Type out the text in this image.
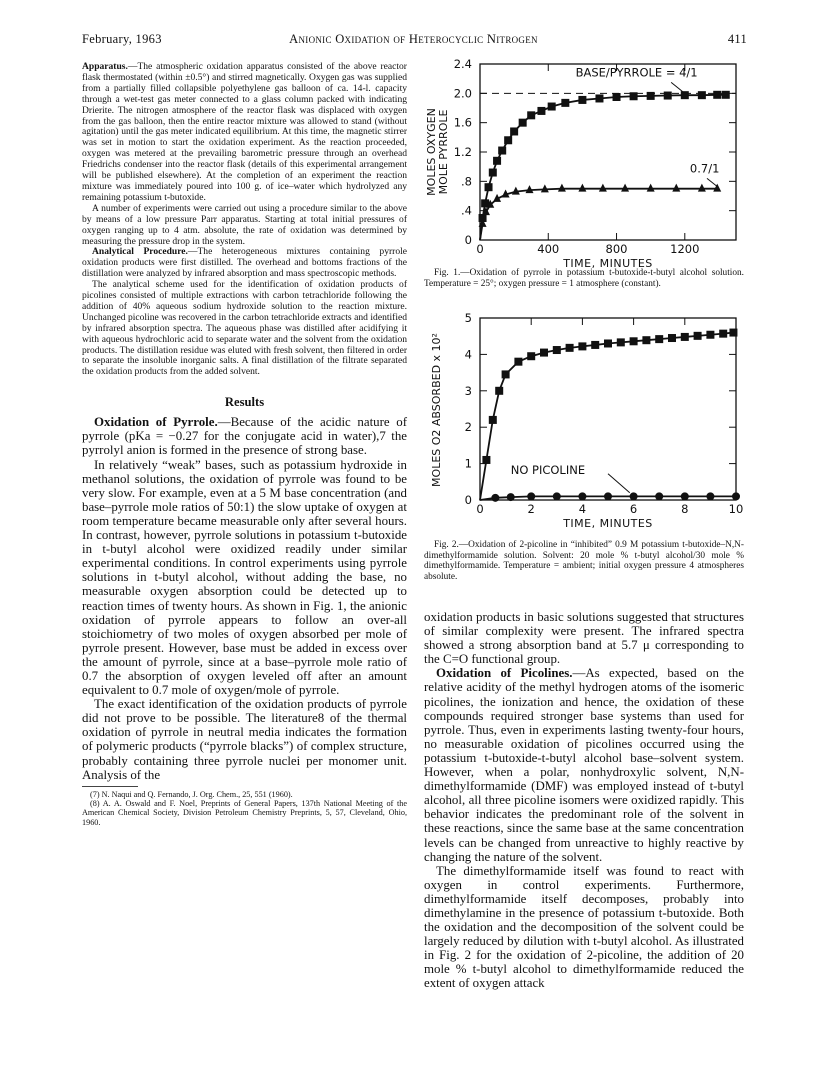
February, 1963	Anionic Oxidation of Heterocyclic Nitrogen	411

Apparatus.—The atmospheric oxidation apparatus consisted of the above reactor flask thermostated (within ±0.5°) and stirred magnetically. Oxygen gas was supplied from a partially filled collapsible polyethylene gas balloon of ca. 14-l. capacity through a wet-test gas meter connected to a glass column packed with indicating Drierite. The nitrogen atmosphere of the reactor flask was displaced with oxygen from the gas balloon, then the entire reactor mixture was allowed to stand (without agitation) until the gas meter indicated equilibrium. At this time, the magnetic stirrer was set in motion to start the oxidation experiment. As the reaction proceeded, oxygen was metered at the prevailing barometric pressure through an overhead Friedrichs condenser into the reactor flask (details of this experimental arrangement will be published elsewhere). At the completion of an experiment the reaction mixture was immediately poured into 100 g. of ice–water which hydrolyzed any remaining potassium t-butoxide.

A number of experiments were carried out using a procedure similar to the above by means of a low pressure Parr apparatus. Starting at total initial pressures of oxygen ranging up to 4 atm. absolute, the rate of oxidation was determined by measuring the pressure drop in the system.

Analytical Procedure.—The heterogeneous mixtures containing pyrrole oxidation products were first distilled. The overhead and bottoms fractions of the distillation were analyzed by infrared absorption and mass spectroscopic methods.

The analytical scheme used for the identification of oxidation products of picolines consisted of multiple extractions with carbon tetrachloride following the addition of 40% aqueous sodium hydroxide solution to the reaction mixture. Unchanged picoline was recovered in the carbon tetrachloride extracts and identified by infrared absorption spectra. The aqueous phase was distilled after acidifying it with aqueous hydrochloric acid to separate water and the solvent from the oxidation products. The distillation residue was eluted with fresh solvent, then filtered in order to separate the insoluble inorganic salts. A final distillation of the filtrate separated the oxidation products from the added solvent.

Results

Oxidation of Pyrrole.—Because of the acidic nature of pyrrole (pKa = −0.27 for the conjugate acid in water),7 the pyrrolyl anion is formed in the presence of strong base.

In relatively “weak” bases, such as potassium hydroxide in methanol solutions, the oxidation of pyrrole was found to be very slow. For example, even at a 5 M base concentration (and base–pyrrole mole ratios of 50:1) the slow uptake of oxygen at room temperature became measurable only after several hours. In contrast, however, pyrrole solutions in potassium t-butoxide in t-butyl alcohol were oxidized readily under similar experimental conditions. In control experiments using pyrrole solutions in t-butyl alcohol, without adding the base, no measurable oxygen absorption could be detected up to reaction times of twenty hours. As shown in Fig. 1, the anionic oxidation of pyrrole appears to follow an over-all stoichiometry of two moles of oxygen absorbed per mole of pyrrole present. However, base must be added in excess over the amount of pyrrole, since at a base–pyrrole mole ratio of 0.7 the absorption of oxygen leveled off after an amount equivalent to 0.7 mole of oxygen/mole of pyrrole.

The exact identification of the oxidation products of pyrrole did not prove to be possible. The literature8 of the thermal oxidation of pyrrole in neutral media indicates the formation of polymeric products (“pyrrole blacks”) of complex structure, probably containing three pyrrole nuclei per monomer unit. Analysis of the

(7) N. Naqui and Q. Fernando, J. Org. Chem., 25, 551 (1960).

(8) A. A. Oswald and F. Noel, Preprints of General Papers, 137th National Meeting of the American Chemical Society, Division Petroleum Chemistry Preprints, 5, 57, Cleveland, Ohio, 1960.

0	400	800	1200
0
.4
.8
1.2
1.6
2.0
2.4
TIME, MINUTES
MOLES OXYGEN MOLE PYRROLE
BASE/PYRROLE = 4/1
0.7/1
Fig. 1.—Oxidation of pyrrole in potassium t-butoxide-t-butyl alcohol solution. Temperature = 25°; oxygen pressure = 1 atmosphere (constant).
0	2	4	6	8	10
0
1
2
3
4
5
TIME, MINUTES
MOLES O2 ABSORBED x 10²	NO PICOLINE
Fig. 2.—Oxidation of 2-picoline in “inhibited” 0.9 M potassium t-butoxide–N,N-dimethylformamide solution. Solvent: 20 mole % t-butyl alcohol/30 mole % dimethylformamide. Temperature = ambient; initial oxygen pressure 4 atmospheres absolute.

oxidation products in basic solutions suggested that structures of similar complexity were present. The infrared spectra showed a strong absorption band at 5.7 μ corresponding to the C=O functional group.

Oxidation of Picolines.—As expected, based on the relative acidity of the methyl hydrogen atoms of the isomeric picolines, the ionization and hence, the oxidation of these compounds required stronger base systems than used for pyrrole. Thus, even in experiments lasting twenty-four hours, no measurable oxidation of picolines occurred using the potassium t-butoxide-t-butyl alcohol base–solvent system. However, when a polar, nonhydroxylic solvent, N,N-dimethylformamide (DMF) was employed instead of t-butyl alcohol, all three picoline isomers were oxidized rapidly. This behavior indicates the predominant role of the solvent in these reactions, since the same base at the same concentration levels can be changed from unreactive to highly reactive by changing the nature of the solvent.

The dimethylformamide itself was found to react with oxygen in control experiments. Furthermore, dimethylformamide itself decomposes, probably into dimethylamine in the presence of potassium t-butoxide. Both the oxidation and the decomposition of the solvent could be largely reduced by dilution with t-butyl alcohol. As illustrated in Fig. 2 for the oxidation of 2-picoline, the addition of 20 mole % t-butyl alcohol to dimethylformamide reduced the extent of oxygen attack
